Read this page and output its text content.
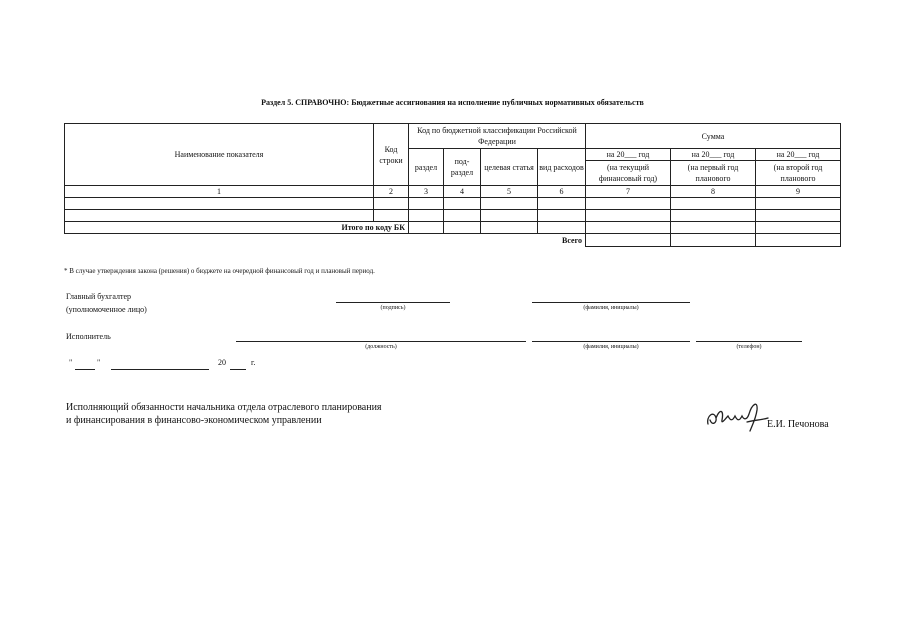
Раздел 5. СПРАВОЧНО: Бюджетные ассигнования на исполнение публичных нормативных обязательств
Наименование показателя	Код строки	Код по бюджетной классификации Российской Федерации				Сумма		
		раздел	под-раздел	целевая статья	вид расходов	на 20___ год	на 20___ год	на 20___ год
						(на текущий финансовый год)	(на первый год планового	(на второй год планового
1	2	3	4	5	6	7	8	9

Итого по коду БК								
Всего								
* В случае утверждения закона (решения) о бюджете на очередной финансовый год и плановый период.
Главный бухгалтер
(уполномоченное лицо)	(подпись)	(фамилия, инициалы)
Исполнитель
(должность)	(фамилия, инициалы)	(телефон)
"	"	20	г.
Исполняющий обязанности начальника отдела отраслевого планирования
и финансирования в финансово-экономическом управлении	Е.И. Печонова
